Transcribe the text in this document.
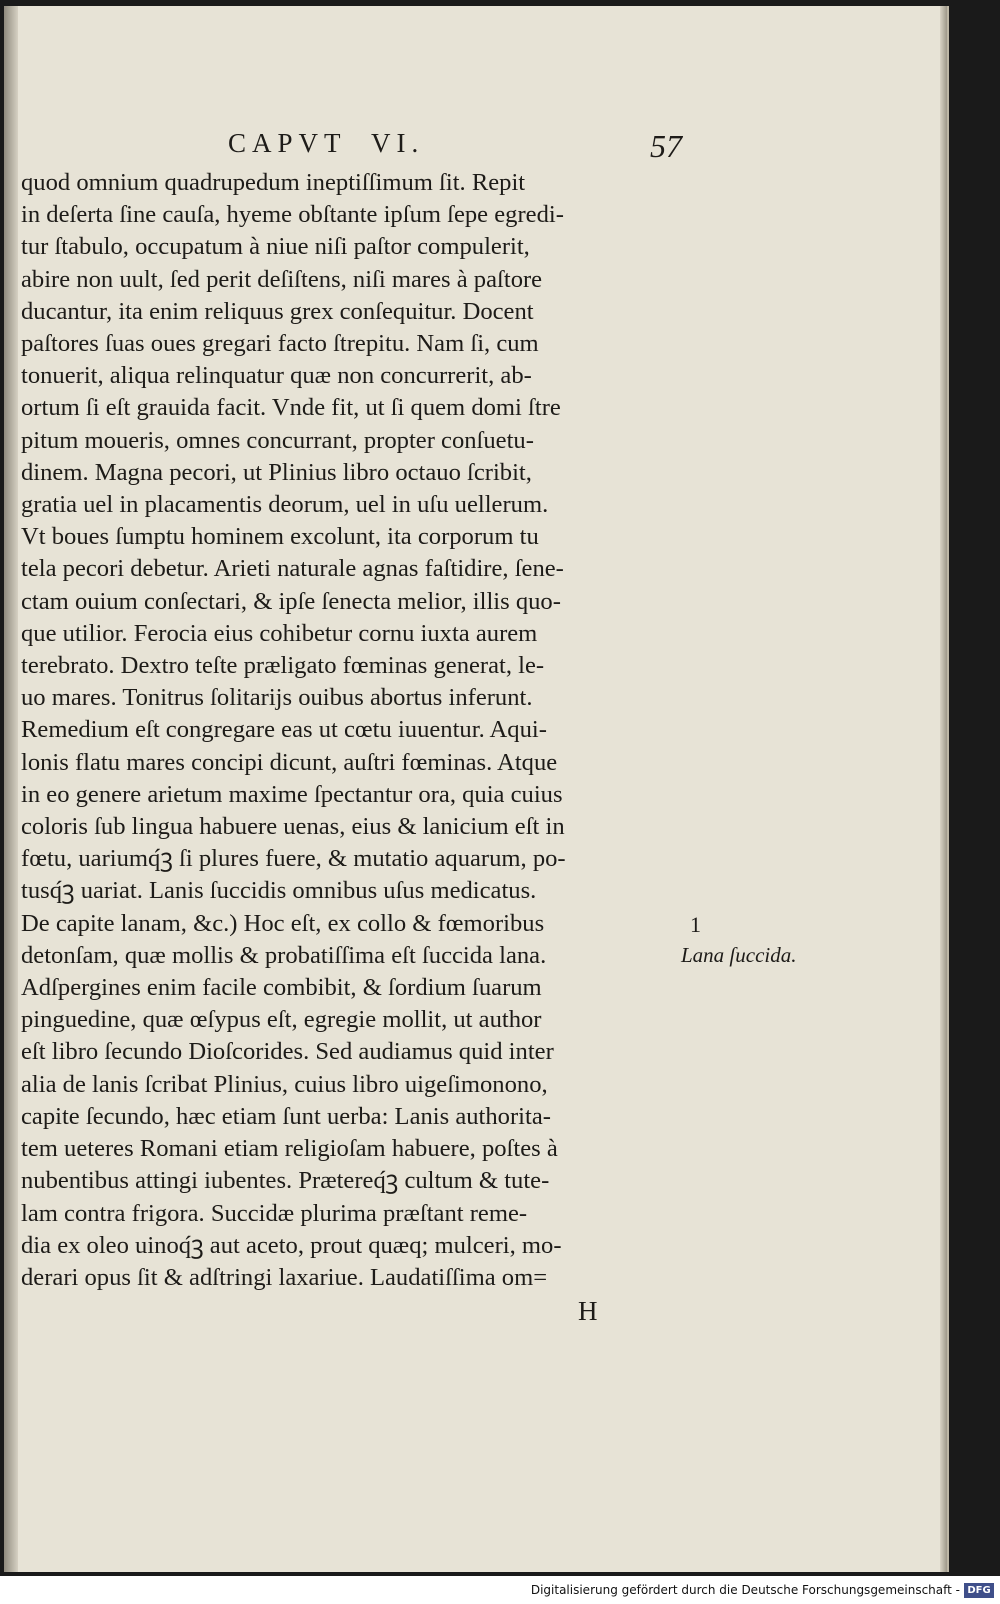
CAPVT  VI.	57
quod omnium quadrupedum ineptiſſimum ſit. Repit
in deſerta ſine cauſa, hyeme obſtante ipſum ſepe egredi-
tur ſtabulo, occupatum à niue niſi paſtor compulerit,
abire non uult, ſed perit deſiſtens, niſi mares à paſtore
ducantur, ita enim reliquus grex conſequitur. Docent
paſtores ſuas oues gregari facto ſtrepitu. Nam ſi, cum
tonuerit, aliqua relinquatur quæ non concurrerit, ab-
ortum ſi eſt grauida facit. Vnde fit, ut ſi quem domi ſtre
pitum moueris, omnes concurrant, propter conſuetu-
dinem. Magna pecori, ut Plinius libro octauo ſcribit,
gratia uel in placamentis deorum, uel in uſu uellerum.
Vt boues ſumptu hominem excolunt, ita corporum tu
tela pecori debetur. Arieti naturale agnas faſtidire, ſene-
ctam ouium conſectari, & ipſe ſenecta melior, illis quo-
que utilior. Ferocia eius cohibetur cornu iuxta aurem
terebrato. Dextro teſte præligato fœminas generat, le-
uo mares. Tonitrus ſolitarijs ouibus abortus inferunt.
Remedium eſt congregare eas ut cœtu iuuentur. Aqui-
lonis flatu mares concipi dicunt, auſtri fœminas. Atque
in eo genere arietum maxime ſpectantur ora, quia cuius
coloris ſub lingua habuere uenas, eius & lanicium eſt in
fœtu, uariumq́ꝫ ſi plures fuere, & mutatio aquarum, po-
tusq́ꝫ uariat. Lanis ſuccidis omnibus uſus medicatus.
De capite lanam, &c.) Hoc eſt, ex collo & fœmoribus
detonſam, quæ mollis & probatiſſima eſt ſuccida lana.
Adſpergines enim facile combibit, & ſordium ſuarum
pinguedine, quæ œſypus eſt, egregie mollit, ut author
eſt libro ſecundo Dioſcorides. Sed audiamus quid inter
alia de lanis ſcribat Plinius, cuius libro uigeſimonono,
capite ſecundo, hæc etiam ſunt uerba: Lanis authorita-
tem ueteres Romani etiam religioſam habuere, poſtes à
nubentibus attingi iubentes. Prætereq́ꝫ cultum & tute-
lam contra frigora. Succidæ plurima præſtant reme-
dia ex oleo uinoq́ꝫ aut aceto, prout quæq; mulceri, mo-
derari opus ſit & adſtringi laxariue. Laudatiſſima om=
1
Lana ſuccida.
H
Digitalisierung gefördert durch die Deutsche Forschungsgemeinschaft - DFG
